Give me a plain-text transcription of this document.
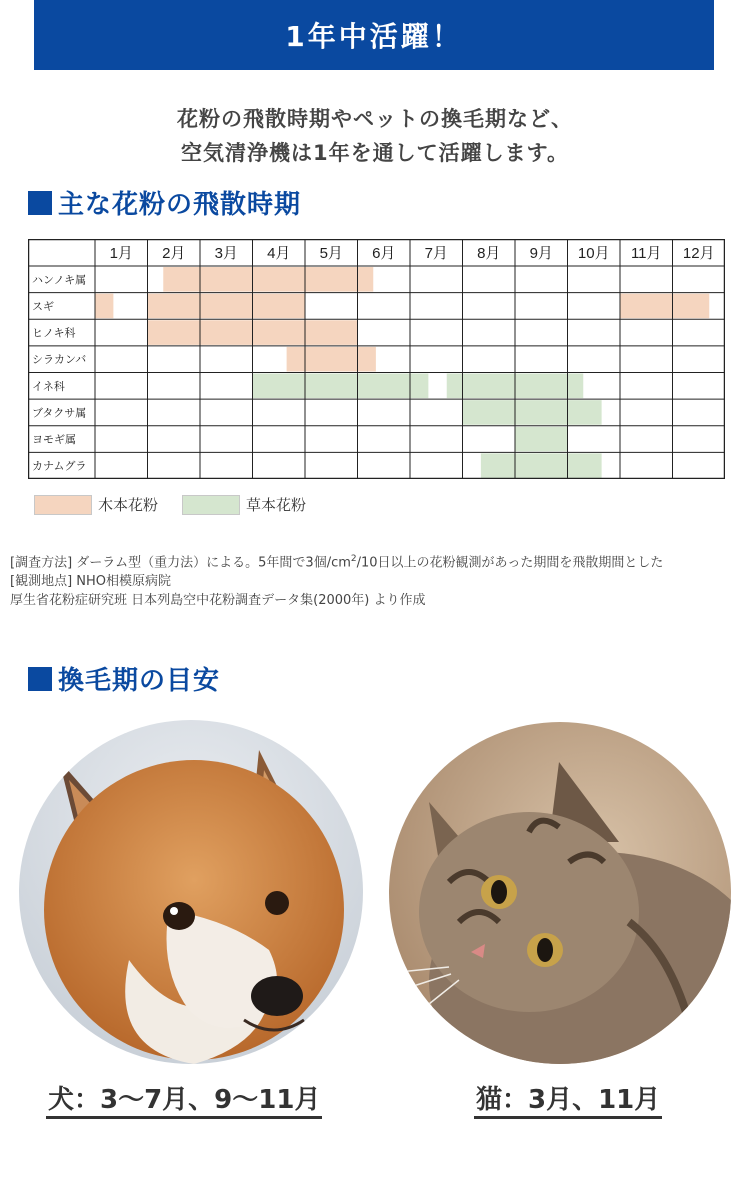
1年中活躍！
花粉の飛散時期やペットの換毛期など、
空気清浄機は1年を通して活躍します。
主な花粉の飛散時期
1月 2月 3月 4月 5月 6月 7月 8月 9月 10月 11月 12月
ハンノキ属
スギ
ヒノキ科
シラカンバ
イネ科
ブタクサ属
ヨモギ属
カナムグラ
木本花粉	草本花粉
[調査方法] ダーラム型（重力法）による。5年間で3個$/cm^2/10$日以上の花粉観測があった期間を飛散期間とした
[観測地点] NHO相模原病院
厚生省花粉症研究班 日本列島空中花粉調査データ集(2000年) より作成
換毛期の目安
犬：3〜7月、9〜11月	猫：3月、11月
